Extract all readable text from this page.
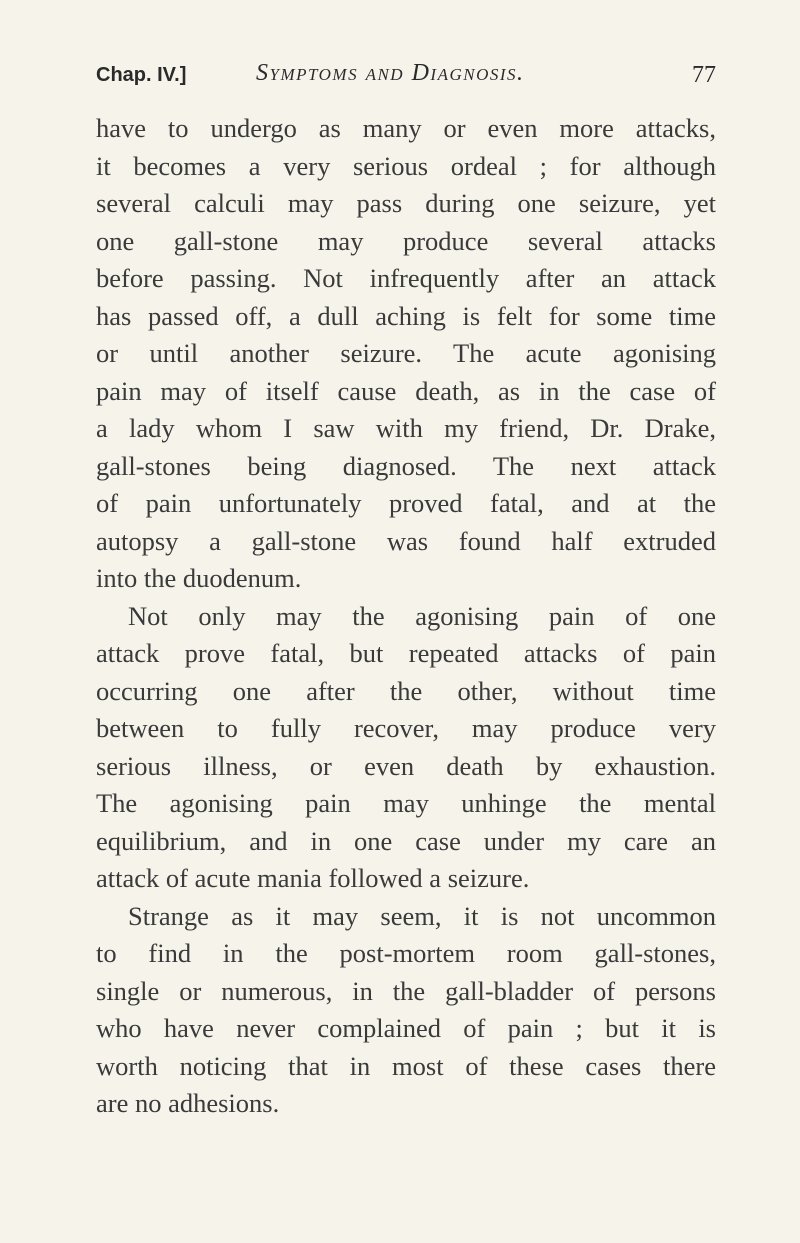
Chap. IV.]	Symptoms and Diagnosis.	77
have to undergo as many or even more attacks,
it becomes a very serious ordeal ; for although
several calculi may pass during one seizure, yet
one gall-stone may produce several attacks
before passing. Not infrequently after an attack
has passed off, a dull aching is felt for some time
or until another seizure. The acute agonising
pain may of itself cause death, as in the case of
a lady whom I saw with my friend, Dr. Drake,
gall-stones being diagnosed. The next attack
of pain unfortunately proved fatal, and at the
autopsy a gall-stone was found half extruded
into the duodenum.
Not only may the agonising pain of one
attack prove fatal, but repeated attacks of pain
occurring one after the other, without time
between to fully recover, may produce very
serious illness, or even death by exhaustion.
The agonising pain may unhinge the mental
equilibrium, and in one case under my care an
attack of acute mania followed a seizure.
Strange as it may seem, it is not uncommon
to find in the post-mortem room gall-stones,
single or numerous, in the gall-bladder of persons
who have never complained of pain ; but it is
worth noticing that in most of these cases there
are no adhesions.
